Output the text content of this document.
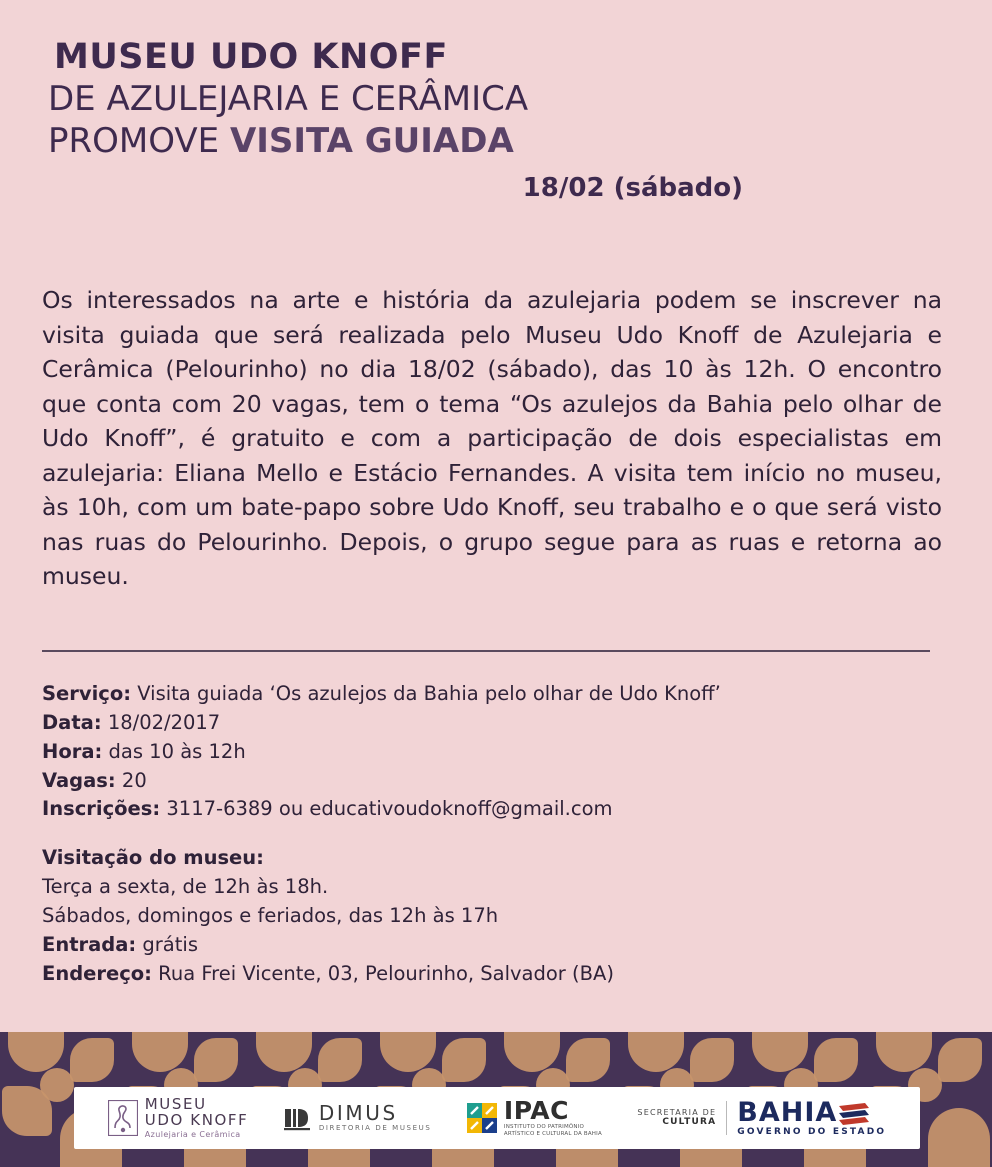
MUSEU UDO KNOFF
DE AZULEJARIA E CERÂMICA
PROMOVE VISITA GUIADA
18/02 (sábado)
Os interessados na arte e história da azulejaria podem se inscrever na visita guiada que será realizada pelo Museu Udo Knoff de Azulejaria e Cerâmica (Pelourinho) no dia 18/02 (sábado), das 10 às 12h. O encontro que conta com 20 vagas, tem o tema “Os azulejos da Bahia pelo olhar de Udo Knoff”, é gratuito e com a participação de dois especialistas em azulejaria: Eliana Mello e Estácio Fernandes. A visita tem início no museu, às 10h, com um bate-papo sobre Udo Knoff, seu trabalho e o que será visto nas ruas do Pelourinho. Depois, o grupo segue para as ruas e retorna ao museu.
Serviço: Visita guiada ‘Os azulejos da Bahia pelo olhar de Udo Knoff’
Data: 18/02/2017
Hora: das 10 às 12h
Vagas: 20
Inscrições: 3117-6389 ou educativoudoknoff@gmail.com
Visitação do museu:
Terça a sexta, de 12h às 18h.
Sábados, domingos e feriados, das 12h às 17h
Entrada: grátis
Endereço: Rua Frei Vicente, 03, Pelourinho, Salvador (BA)
MUSEU
UDO KNOFF
Azulejaria e Cerâmica
DIMUS
DIRETORIA DE MUSEUS
IPAC
INSTITUTO DO PATRIMÔNIO
ARTÍSTICO E CULTURAL DA BAHIA
SECRETARIA DE
CULTURA BAHIA
GOVERNO DO ESTADO
